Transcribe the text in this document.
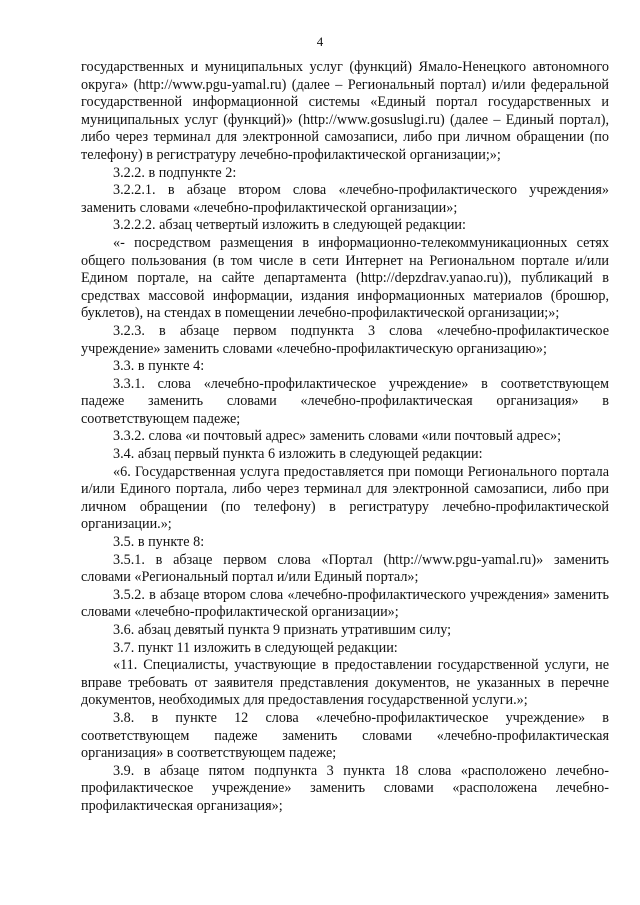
4

государственных и муниципальных услуг (функций) Ямало-Ненецкого автономного округа» (http://www.pgu-yamal.ru) (далее – Региональный портал) и/или федеральной государственной информационной системы «Единый портал государственных и муниципальных услуг (функций)» (http://www.gosuslugi.ru) (далее – Единый портал), либо через терминал для электронной самозаписи, либо при личном обращении (по телефону) в регистратуру лечебно-профилактической организации;»;

3.2.2. в подпункте 2:

3.2.2.1. в абзаце втором слова «лечебно-профилактического учреждения» заменить словами «лечебно-профилактической организации»;

3.2.2.2. абзац четвертый изложить в следующей редакции:

«- посредством размещения в информационно-телекоммуникационных сетях общего пользования (в том числе в сети Интернет на Региональном портале и/или Едином портале, на сайте департамента (http://depzdrav.yanao.ru)), публикаций в средствах массовой информации, издания информационных материалов (брошюр, буклетов), на стендах в помещении лечебно-профилактической организации;»;

3.2.3. в абзаце первом подпункта 3 слова «лечебно-профилактическое учреждение» заменить словами «лечебно-профилактическую организацию»;

3.3. в пункте 4:

3.3.1. слова «лечебно-профилактическое учреждение» в соответствующем падеже заменить словами «лечебно-профилактическая организация» в соответствующем падеже;

3.3.2. слова «и почтовый адрес» заменить словами «или почтовый адрес»;

3.4. абзац первый пункта 6 изложить в следующей редакции:

«6. Государственная услуга предоставляется при помощи Регионального портала и/или Единого портала, либо через терминал для электронной самозаписи, либо при личном обращении (по телефону) в регистратуру лечебно-профилактической организации.»;

3.5. в пункте 8:

3.5.1. в абзаце первом слова «Портал (http://www.pgu-yamal.ru)» заменить словами «Региональный портал и/или Единый портал»;

3.5.2. в абзаце втором слова «лечебно-профилактического учреждения» заменить словами «лечебно-профилактической организации»;

3.6. абзац девятый пункта 9 признать утратившим силу;

3.7. пункт 11 изложить в следующей редакции:

«11. Специалисты, участвующие в предоставлении государственной услуги, не вправе требовать от заявителя представления документов, не указанных в перечне документов, необходимых для предоставления государственной услуги.»;

3.8. в пункте 12 слова «лечебно-профилактическое учреждение» в соответствующем падеже заменить словами «лечебно-профилактическая организация» в соответствующем падеже;

3.9. в абзаце пятом подпункта 3 пункта 18 слова «расположено лечебно-профилактическое учреждение» заменить словами «расположена лечебно-профилактическая организация»;
